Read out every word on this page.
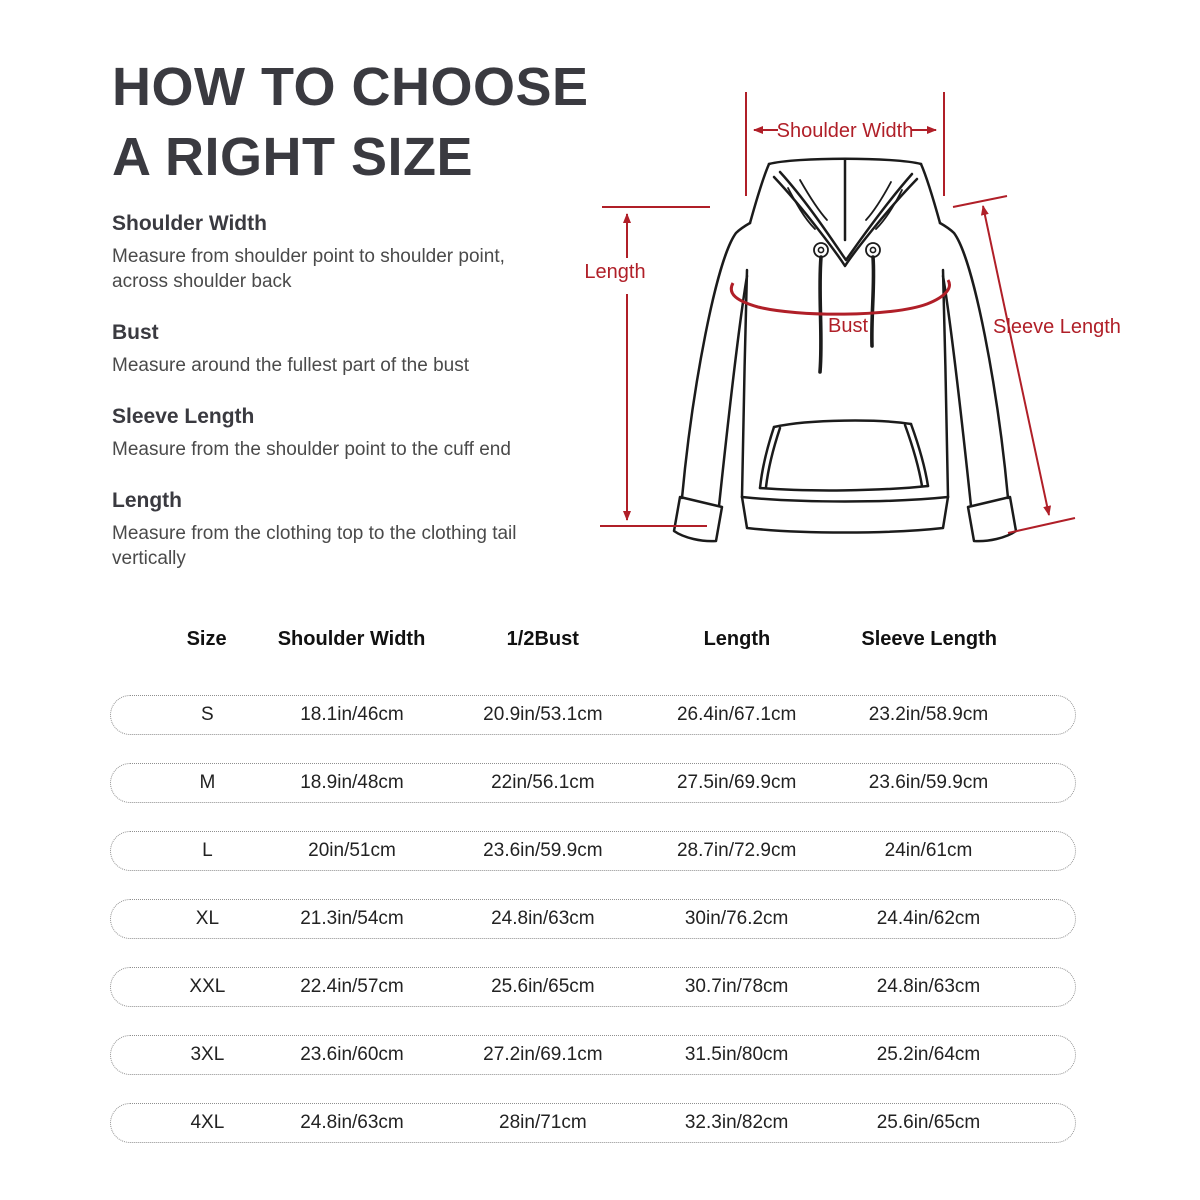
HOW TO CHOOSE
A RIGHT SIZE
Shoulder Width
Measure from shoulder point to shoulder point, across shoulder back
Bust
Measure around the fullest part of the bust
Sleeve Length
Measure from the shoulder point to the cuff end
Length
Measure from the clothing top to the clothing tail vertically
Shoulder Width
Length
Bust	Sleeve Length
Size	Shoulder Width	1/2Bust	Length	Sleeve Length
S	18.1in/46cm	20.9in/53.1cm	26.4in/67.1cm	23.2in/58.9cm
M	18.9in/48cm	22in/56.1cm	27.5in/69.9cm	23.6in/59.9cm
L	20in/51cm	23.6in/59.9cm	28.7in/72.9cm	24in/61cm
XL	21.3in/54cm	24.8in/63cm	30in/76.2cm	24.4in/62cm
XXL	22.4in/57cm	25.6in/65cm	30.7in/78cm	24.8in/63cm
3XL	23.6in/60cm	27.2in/69.1cm	31.5in/80cm	25.2in/64cm
4XL	24.8in/63cm	28in/71cm	32.3in/82cm	25.6in/65cm
